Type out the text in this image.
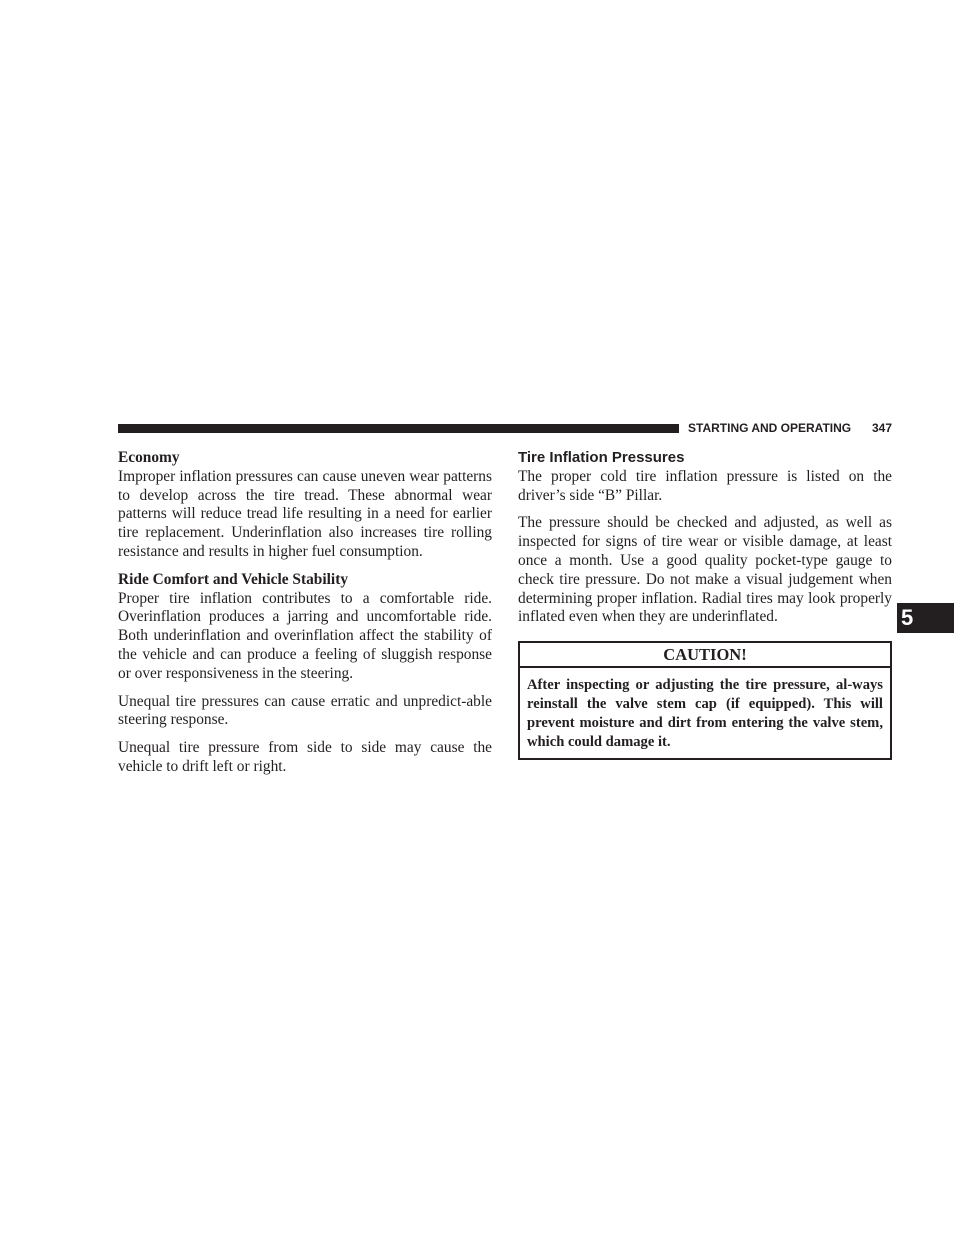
STARTING AND OPERATING 347
5
Economy

Improper inflation pressures can cause uneven wear patterns to develop across the tire tread. These abnormal wear patterns will reduce tread life resulting in a need for earlier tire replacement. Underinflation also increases tire rolling resistance and results in higher fuel consumption.

Ride Comfort and Vehicle Stability

Proper tire inflation contributes to a comfortable ride. Overinflation produces a jarring and uncomfortable ride. Both underinflation and overinflation affect the stability of the vehicle and can produce a feeling of sluggish response or over responsiveness in the steering.

Unequal tire pressures can cause erratic and unpredict-able steering response.

Unequal tire pressure from side to side may cause the vehicle to drift left or right.

Tire Inflation Pressures

The proper cold tire inflation pressure is listed on the driver’s side “B” Pillar.

The pressure should be checked and adjusted, as well as inspected for signs of tire wear or visible damage, at least once a month. Use a good quality pocket-type gauge to check tire pressure. Do not make a visual judgement when determining proper inflation. Radial tires may look properly inflated even when they are underinflated.

CAUTION!
After inspecting or adjusting the tire pressure, al-ways reinstall the valve stem cap (if equipped). This will prevent moisture and dirt from entering the valve stem, which could damage it.
